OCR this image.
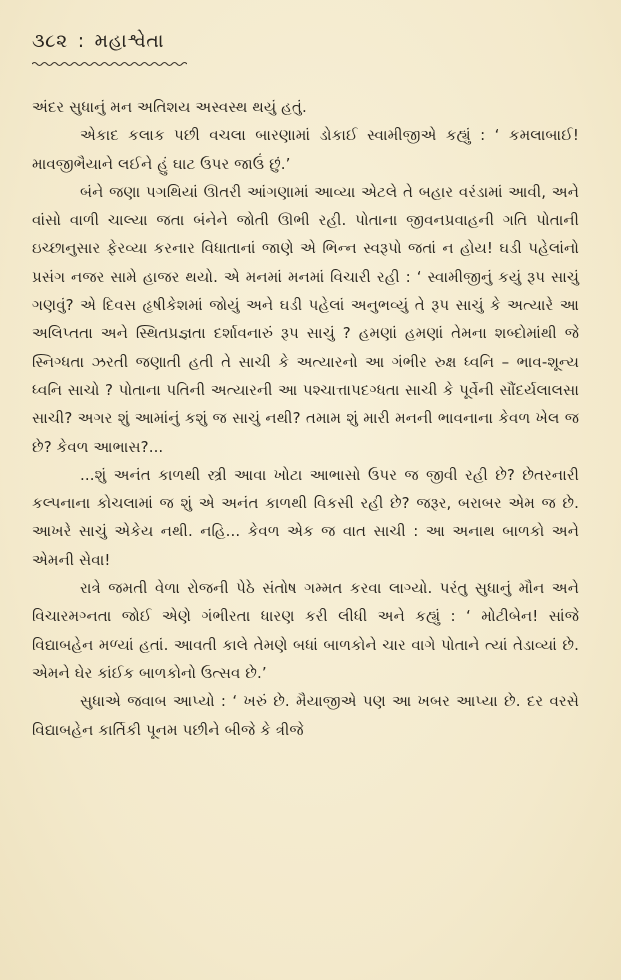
૩૮૨ : મહાશ્વેતા

અંદર સુધાનું મન અતિશય અસ્વસ્થ થયું હતું.

એકાદ કલાક પછી વચલા બારણામાં ડોકાઈ સ્વામીજીએ કહ્યું : ‘ કમલાબાઈ! માવજીભૈયાને લઈને હું ઘાટ ઉપર જાઉં છું.’

બંને જણા પગથિયાં ઊતરી આંગણામાં આવ્યા એટલે તે બહાર વરંડામાં આવી, અને વાંસો વાળી ચાલ્યા જતા બંનેને જોતી ઊભી રહી. પોતાના જીવનપ્રવાહની ગતિ પોતાની ઇચ્છાનુસાર ફેરવ્યા કરનાર વિધાતાનાં જાણે એ ભિન્ન સ્વરૂપો જતાં ન હોય! ઘડી પહેલાંનો પ્રસંગ નજર સામે હાજર થયો. એ મનમાં મનમાં વિચારી રહી : ‘ સ્વામીજીનું કયું રૂપ સાચું ગણવું? એ દિવસ હૃષીકેશમાં જોયું અને ઘડી પહેલાં અનુભવ્યું તે રૂપ સાચું કે અત્યારે આ અલિપ્તતા અને સ્થિતપ્રજ્ઞતા દર્શાવનારું રૂપ સાચું ? હમણાં હમણાં તેમના શબ્દોમાંથી જે સ્નિગ્ધતા ઝરતી જણાતી હતી તે સાચી કે અત્યારનો આ ગંભીર રુક્ષ ધ્વનિ – ભાવ-શૂન્ય ધ્વનિ સાચો ? પોતાના પતિની અત્યારની આ પશ્ચાત્તાપદગ્ધતા સાચી કે પૂર્વેની સૌંદર્યલાલસા સાચી? અગર શું આમાંનું કશું જ સાચું નથી? તમામ શું મારી મનની ભાવનાના કેવળ ખેલ જ છે? કેવળ આભાસ?...

...શું અનંત કાળથી સ્ત્રી આવા ખોટા આભાસો ઉપર જ જીવી રહી છે? છેતરનારી કલ્પનાના કોચલામાં જ શું એ અનંત કાળથી વિકસી રહી છે? જરૂર, બરાબર એમ જ છે. આખરે સાચું એકેય નથી. નહિ... કેવળ એક જ વાત સાચી : આ અનાથ બાળકો અને એમની સેવા!

રાત્રે જમતી વેળા રોજની પેઠે સંતોષ ગમ્મત કરવા લાગ્યો. પરંતુ સુધાનું મૌન અને વિચારમગ્નતા જોઈ એણે ગંભીરતા ધારણ કરી લીધી અને કહ્યું : ‘ મોટીબેન! સાંજે વિદ્યાબહેન મળ્યાં હતાં. આવતી કાલે તેમણે બધાં બાળકોને ચાર વાગે પોતાને ત્યાં તેડાવ્યાં છે. એમને ઘેર કાંઈક બાળકોનો ઉત્સવ છે.’

સુધાએ જવાબ આપ્યો : ‘ ખરું છે. મૈયાજીએ પણ આ ખબર આપ્યા છે. દર વરસે વિદ્યાબહેન કાર્તિકી પૂનમ પછીને બીજે કે ત્રીજે
